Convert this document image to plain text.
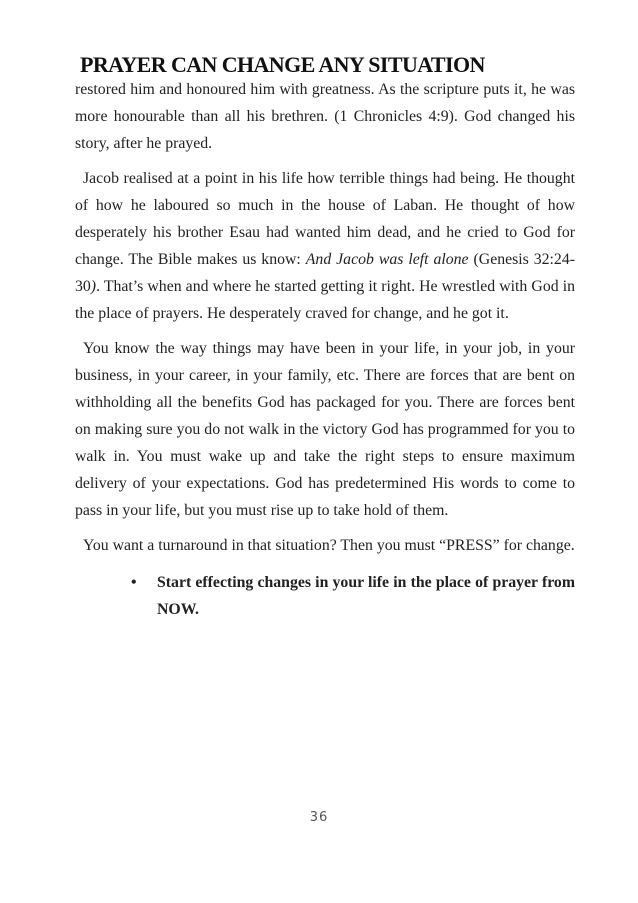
PRAYER CAN CHANGE ANY SITUATION

restored him and honoured him with greatness. As the scripture puts it, he was more honourable than all his brethren. (1 Chronicles 4:9). God changed his story, after he prayed.

Jacob realised at a point in his life how terrible things had being. He thought of how he laboured so much in the house of Laban. He thought of how desperately his brother Esau had wanted him dead, and he cried to God for change. The Bible makes us know: And Jacob was left alone (Genesis 32:24-30). That’s when and where he started getting it right. He wrestled with God in the place of prayers. He desperately craved for change, and he got it.

You know the way things may have been in your life, in your job, in your business, in your career, in your family, etc. There are forces that are bent on withholding all the benefits God has packaged for you. There are forces bent on making sure you do not walk in the victory God has programmed for you to walk in. You must wake up and take the right steps to ensure maximum delivery of your expectations. God has predetermined His words to come to pass in your life, but you must rise up to take hold of them.

You want a turnaround in that situation? Then you must “PRESS” for change.

• Start effecting changes in your life in the place of prayer from NOW.
36
